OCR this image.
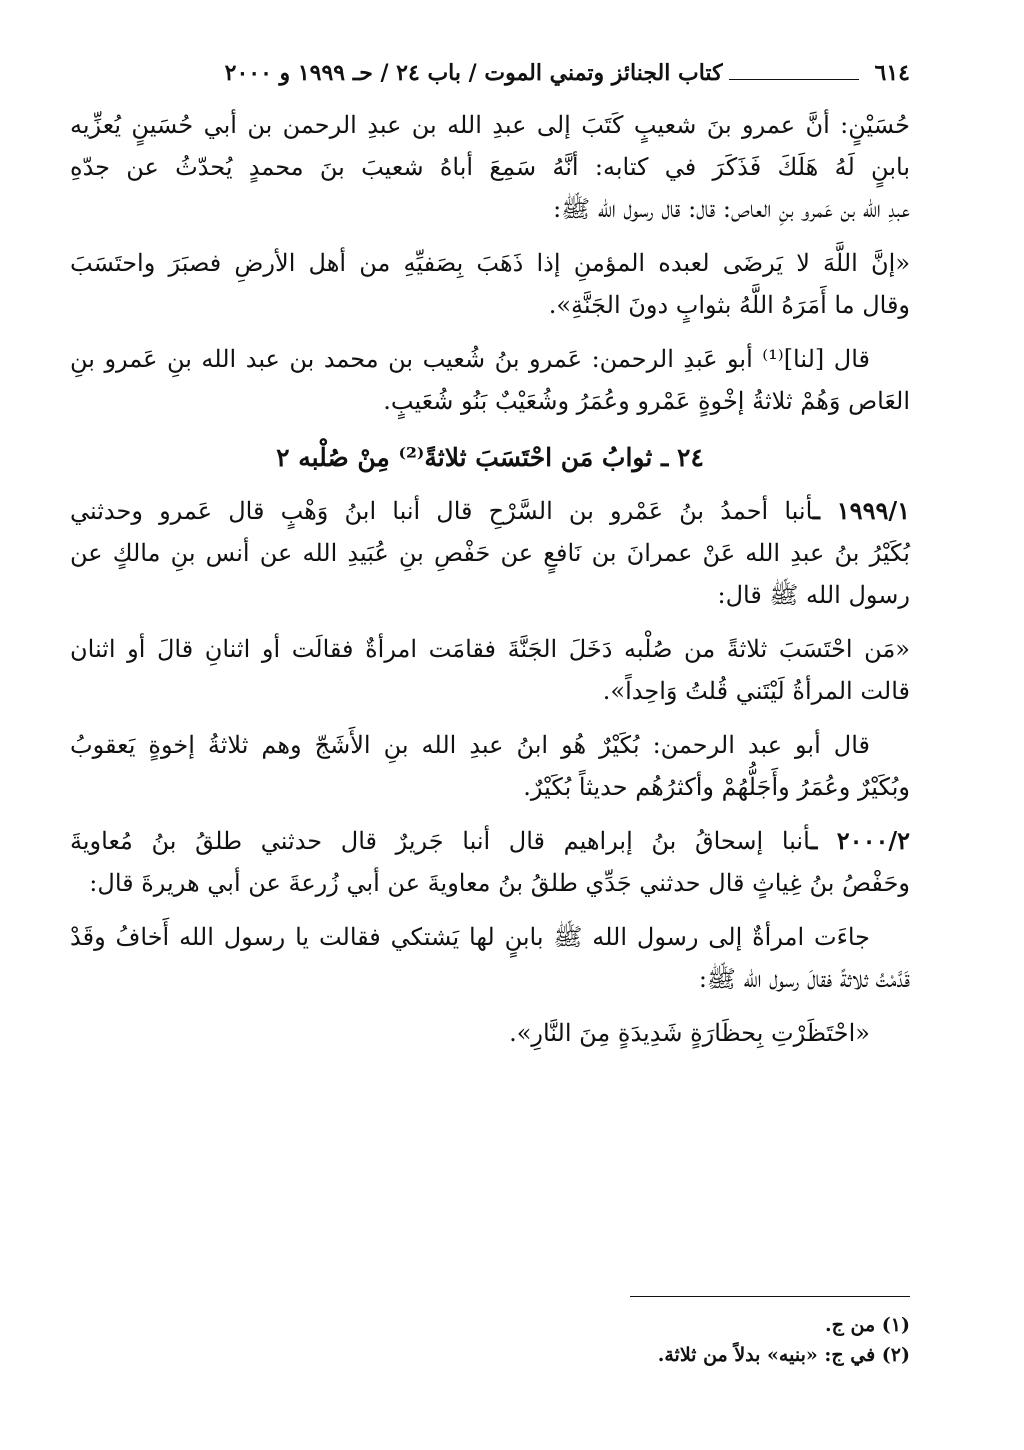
٦١٤
كتاب الجنائز وتمني الموت / باب ٢٤ / حـ ١٩٩٩ و ٢٠٠٠

حُسَيْنٍ: أنَّ عمرو بنَ شعيبٍ كَتَبَ إلى عبدِ الله بن عبدِ الرحمن بن أبي حُسَينٍ يُعزِّيه

بابنٍ لَهُ هَلَكَ فَذَكَرَ في كتابه: أنَّهُ سَمِعَ أباهُ شعيبَ بنَ محمدٍ يُحدّثُ عن جدّهِ

عبدِ الله بن عَمرو بنِ العاص: قال: قال رسول الله ﷺ:

«إنَّ اللَّهَ لا يَرضَى لعبده المؤمنِ إذا ذَهَبَ بِصَفيِّهِ من أهل الأرضِ فصبَرَ واحتَسَبَ

وقال ما أَمَرَهُ اللَّهُ بثوابٍ دونَ الجَنَّةِ».

قال [لنا]⁽¹⁾ أبو عَبدِ الرحمن: عَمرو بنُ شُعيب بن محمد بن عبد الله بنِ عَمرو بنِ

العَاص وَهُمْ ثلاثةُ إخْوةٍ عَمْرو وعُمَرُ وشُعَيْبٌ بَنُو شُعَيبٍ.

٢٤ ـ ثوابُ مَن احْتَسَبَ ثلاثةً⁽²⁾ مِنْ صُلْبه ٢

١٩٩٩/١ ـأنبا أحمدُ بنُ عَمْرو بن السَّرْحِ قال أنبا ابنُ وَهْبٍ قال عَمرو وحدثني

بُكَيْرُ بنُ عبدِ الله عَنْ عمرانَ بن نَافعٍ عن حَفْصِ بنِ عُبَيدِ الله عن أنس بنِ مالكٍ عن

رسول الله ﷺ قال:

«مَن احْتَسَبَ ثلاثةً من صُلْبه دَخَلَ الجَنَّةَ فقامَت امرأةٌ فقالَت أو اثنانِ قالَ أو اثنان

قالت المرأةُ لَيْتَني قُلتُ وَاحِداً».

قال أبو عبد الرحمن: بُكَيْرٌ هُو ابنُ عبدِ الله بنِ الأَشَجّ وهم ثلاثةُ إخوةٍ يَعقوبُ

وبُكَيْرٌ وعُمَرُ وأَجَلُّهُمْ وأكثرُهُم حديثاً بُكَيْرٌ.

٢٠٠٠/٢ ـأنبا إسحاقُ بنُ إبراهيم قال أنبا جَريرٌ قال حدثني طلقُ بنُ مُعاويةَ

وحَفْصُ بنُ غِياثٍ قال حدثني جَدِّي طلقُ بنُ معاويةَ عن أبي زُرعةَ عن أبي هريرةَ قال:

جاءَت امرأةٌ إلى رسول الله ﷺ بابنٍ لها يَشتكي فقالت يا رسول الله أَخافُ وقَدْ

قَدَّمْتُ ثلاثةً فقالَ رسول الله ﷺ:

«احْتَظَرْتِ بِحظَارَةٍ شَدِيدَةٍ مِنَ النَّارِ».

(١) من ج.

(٢) في ج: «بنيه» بدلاً من ثلاثة.
